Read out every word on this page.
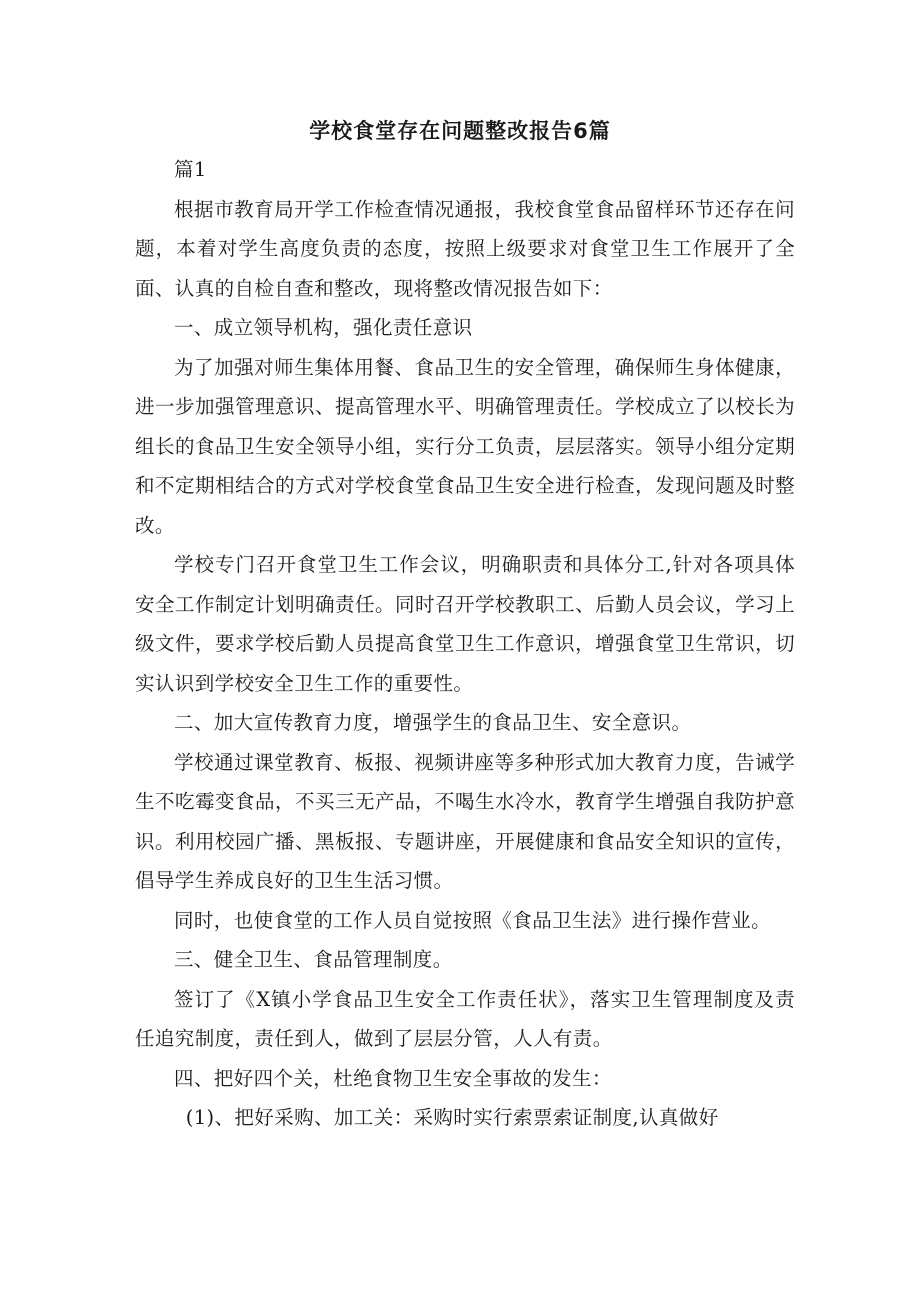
学校食堂存在问题整改报告6篇

篇1

根据市教育局开学工作检查情况通报，我校食堂食品留样环节还存在问题，本着对学生高度负责的态度，按照上级要求对食堂卫生工作展开了全面、认真的自检自查和整改，现将整改情况报告如下：

一、成立领导机构，强化责任意识

为了加强对师生集体用餐、食品卫生的安全管理，确保师生身体健康，进一步加强管理意识、提高管理水平、明确管理责任。学校成立了以校长为组长的食品卫生安全领导小组，实行分工负责，层层落实。领导小组分定期和不定期相结合的方式对学校食堂食品卫生安全进行检查，发现问题及时整改。

学校专门召开食堂卫生工作会议，明确职责和具体分工,针对各项具体安全工作制定计划明确责任。同时召开学校教职工、后勤人员会议，学习上级文件，要求学校后勤人员提高食堂卫生工作意识，增强食堂卫生常识，切实认识到学校安全卫生工作的重要性。

二、加大宣传教育力度，增强学生的食品卫生、安全意识。

学校通过课堂教育、板报、视频讲座等多种形式加大教育力度，告诫学生不吃霉变食品，不买三无产品，不喝生水冷水，教育学生增强自我防护意识。利用校园广播、黑板报、专题讲座，开展健康和食品安全知识的宣传，倡导学生养成良好的卫生生活习惯。

同时，也使食堂的工作人员自觉按照《食品卫生法》进行操作营业。

三、健全卫生、食品管理制度。

签订了《X镇小学食品卫生安全工作责任状》，落实卫生管理制度及责任追究制度，责任到人，做到了层层分管，人人有责。

四、把好四个关，杜绝食物卫生安全事故的发生：

(1)、把好采购、加工关：采购时实行索票索证制度,认真做好
